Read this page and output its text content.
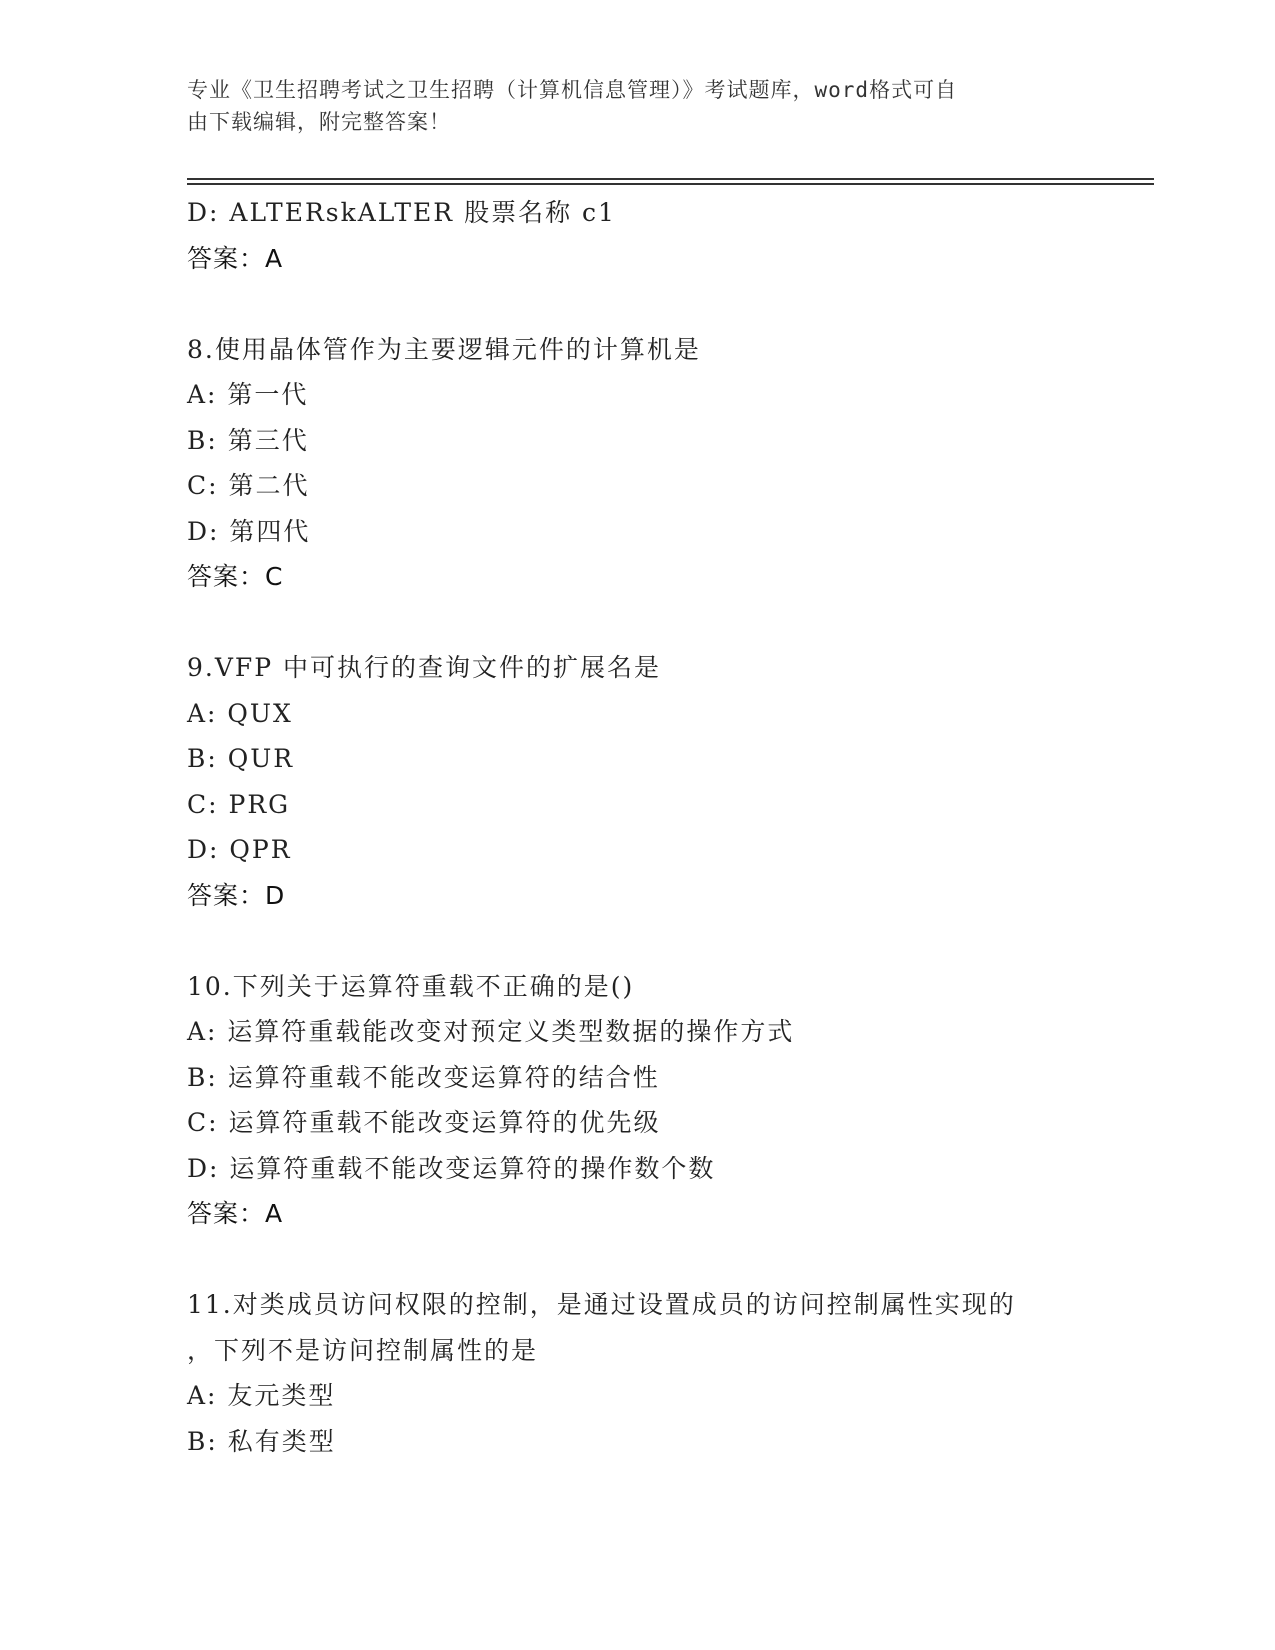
专业《卫生招聘考试之卫生招聘（计算机信息管理）》考试题库，word格式可自
由下载编辑，附完整答案！
D: ALTERskALTER 股票名称 c1
答案：A
8.使用晶体管作为主要逻辑元件的计算机是
A: 第一代
B: 第三代
C: 第二代
D: 第四代
答案：C
9.VFP 中可执行的查询文件的扩展名是
A: QUX
B: QUR
C: PRG
D: QPR
答案：D
10.下列关于运算符重载不正确的是()
A: 运算符重载能改变对预定义类型数据的操作方式
B: 运算符重载不能改变运算符的结合性
C: 运算符重载不能改变运算符的优先级
D: 运算符重载不能改变运算符的操作数个数
答案：A
11.对类成员访问权限的控制，是通过设置成员的访问控制属性实现的
，下列不是访问控制属性的是
A: 友元类型
B: 私有类型
